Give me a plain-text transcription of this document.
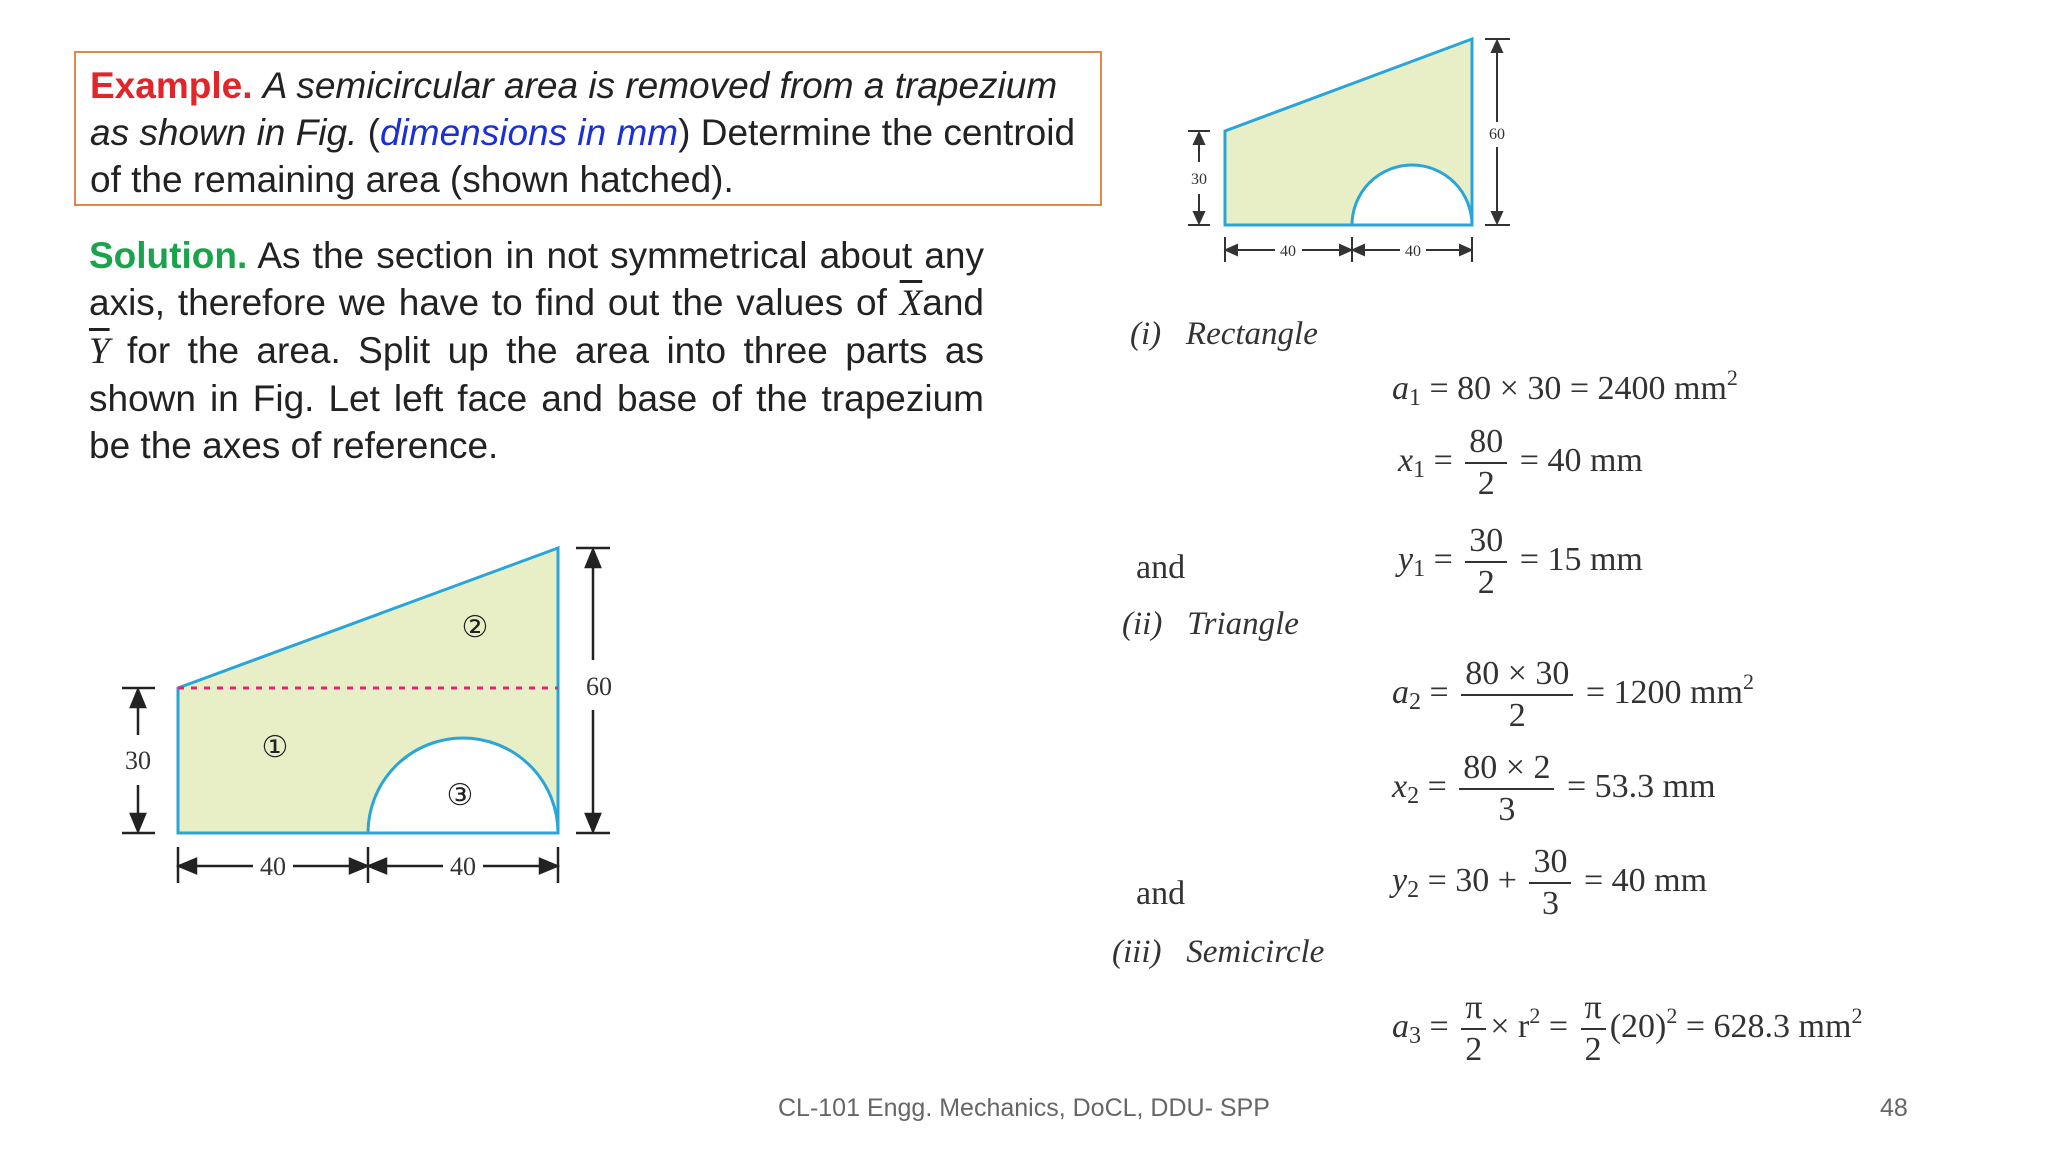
Example. A semicircular area is removed from a trapezium as shown in Fig. (dimensions in mm) Determine the centroid of the remaining area (shown hatched).

Solution. As the section in not symmetrical about any axis, therefore we have to find out the values of $\overline{X}and$ $\overline{Y}$ for the area. Split up the area into three parts as shown in Fig. Let left face and base of the trapezium be the axes of reference.

30
60
40	40
①
②
③
30
60
40	40
(i) Rectangle
$a_1 = 80 \times 30 = 2400$ $mm^2$
$x_1 = \frac{80}{2} = 40$ mm
and	$y_1 = \frac{30}{2} = 15$ mm
(ii) Triangle
$a_2 = \frac{80 \times 30}{2} = 1200$ $mm^2$
$x_2 = \frac{80 \times 2}{3} = 53.3$ mm
and	$y_2 = 30 + \frac{30}{3} = 40$ mm
(iii) Semicircle
$a_3 = \frac{\pi}{2} \times r^2 = \frac{\pi}{2} (20)^2 = 628.3$ $mm^2$
CL-101 Engg. Mechanics, DoCL, DDU- SPP	48
